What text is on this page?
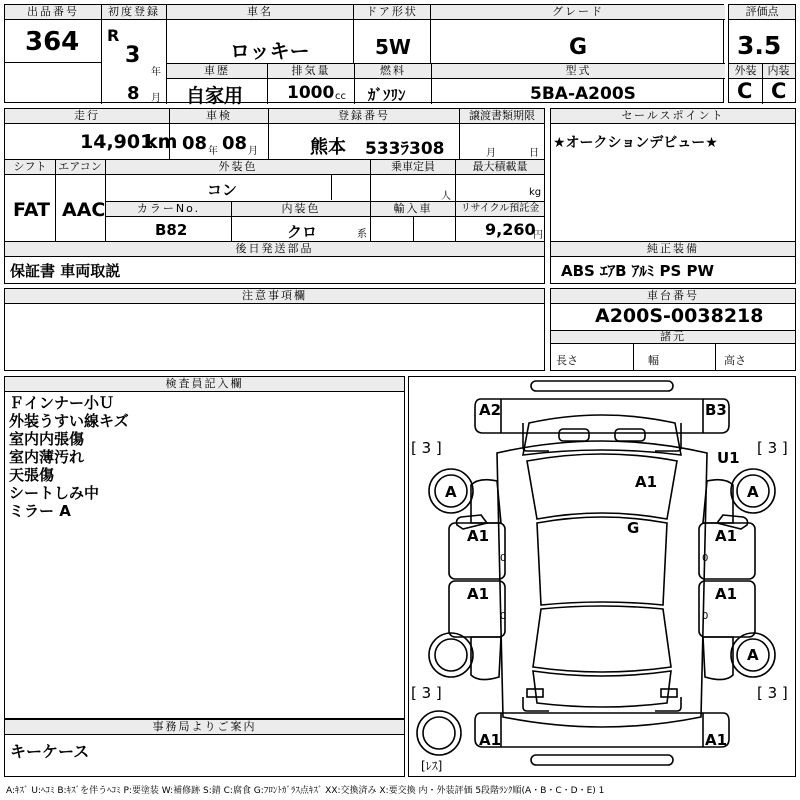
出品番号
364
初度登録
R
3
年
8 月
車名
ロッキー
ドア形状
5W
グレード
G
車歴
自家用
排気量
1000 cc
燃料
ｶﾞｿﾘﾝ
型式
5BA-A200S
評価点
3.5
外装	内装
C C
走行
14,901
km
車検
08 年 08 月
登録番号
熊本 533ﾗ308
譲渡書類期限
月	日
シフト	エアコン
FAT AAC
外装色
コン
乗車定員
人
最大積載量
kg
カラーNo.
B82
内装色
クロ	系
輸入車	リサイクル預託金
9,260
円
後日発送部品
保証書 車両取説
注意事項欄
セールスポイント
★オークションデビュー★
純正装備
ABS ｴｱB ｱﾙﾐ PS PW
車台番号
A200S-0038218
諸元
長さ	幅	高さ
検査員記入欄
Ｆインナー小Ｕ
外装うすい線キズ
室内内張傷
室内薄汚れ
天張傷
シートしみ中
ミラー A
事務局よりご案内
キーケース
A2	B3
[ 3 ]	[ 3 ]
U1
A	A
A1
G
A1	A1
0	0
A1	A1
0	0
A
[ 3 ]	[ 3 ]
A1	A1
[ﾚｽ]
A:ｷｽﾞ U:ﾍｺﾐ B:ｷｽﾞを伴うﾍｺﾐ P:要塗装 W:補修跡 S:錆 C:腐食 G:ﾌﾛﾝﾄｶﾞﾗｽ点ｷｽﾞ XX:交換済み X:要交換 内・外装評価 5段階ﾗﾝｸ順(A・B・C・D・E) 1
